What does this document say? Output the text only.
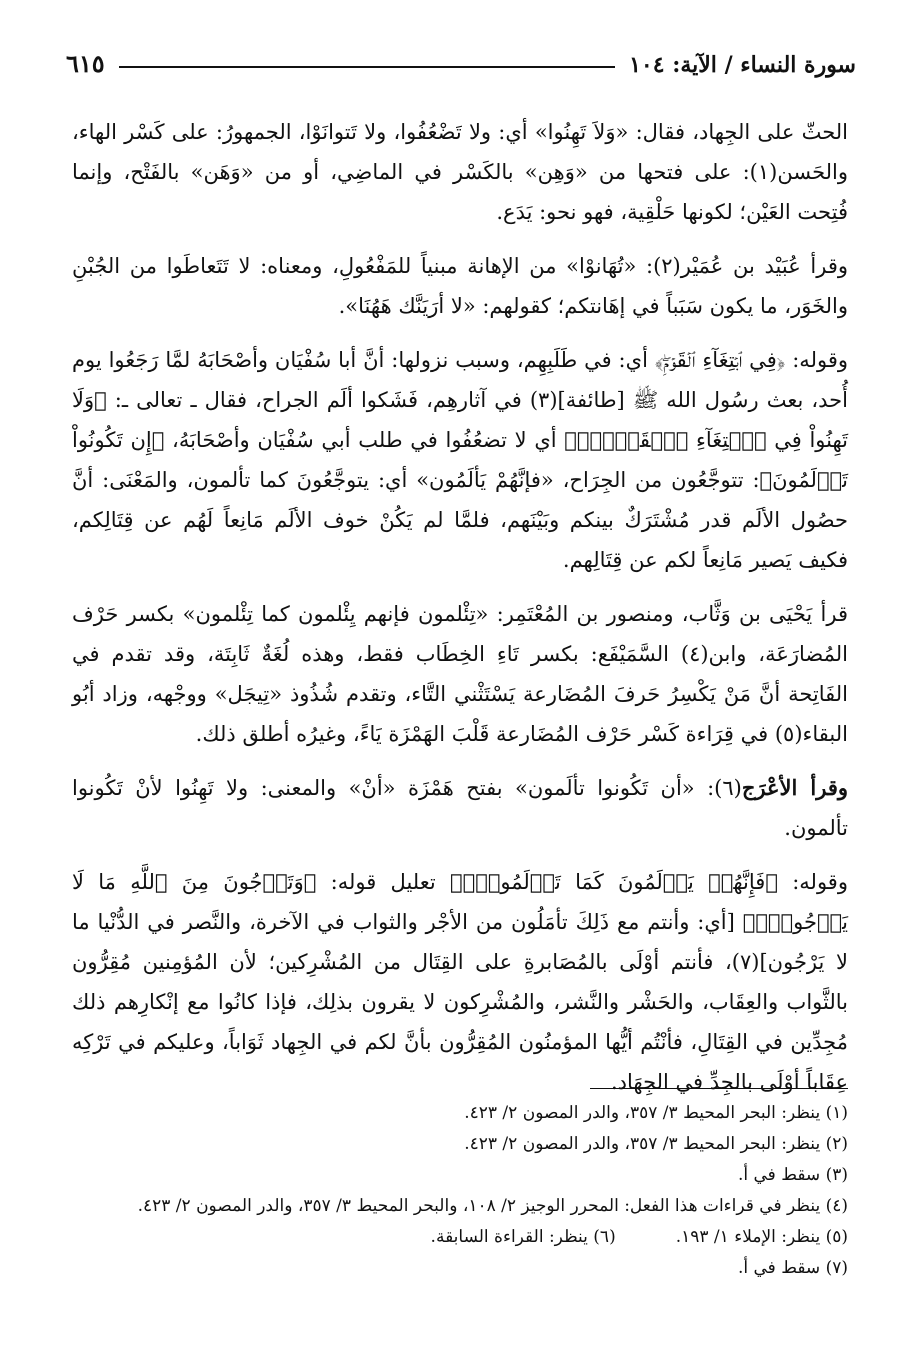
سورة النساء / الآية: ١٠٤
٦١٥

الحثّ على الجِهاد، فقال: «وَلاَ تَهِنُوا» أي: ولا تَضْعُفُوا، ولا تَتوانَوْا، الجمهورُ: على كَسْر الهاء، والحَسن(١): على فتحها من «وَهِن» بالكَسْر في الماضِي، أو من «وَهَن» بالفَتْح، وإنما فُتِحت العَيْن؛ لكونها حَلْقِية، فهو نحو: يَدَع.

وقرأ عُبَيْد بن عُمَيْر(٢): «تُهَانوْا» من الإهانة مبنياً للمَفْعُولِ، ومعناه: لا تَتَعاطَوا من الجُبْنِ والخَوَر، ما يكون سَبَباً في إهَانتكم؛ كقولهم: «لا أرَيَنَّك هَهُنَا».

وقوله: ﴿فِي ٱبۡتِغَآءِ ٱلۡقَوۡمِۖ﴾ أي: في طَلَبِهِم، وسبب نزولها: أنَّ أبا سُفْيَان وأصْحَابَهُ لمَّا رَجَعُوا يوم أُحد، بعث رسُول الله ﷺ [طائفة](٣) في آثارهِم، فَشَكوا ألَم الجراح، فقال ـ تعالى ـ: ﴿وَلَا تَهِنُواْ فِي ٱبۡتِغَآءِ ٱلۡقَوۡمِۖ﴾ أي لا تضعُفُوا في طلب أبي سُفْيَان وأصْحَابَهُ، ﴿إِن تَكُونُواْ تَأۡلَمُونَ﴾: تتوجَّعُون من الجِرَاح، «فإنَّهُمْ يَألَمُون» أي: يتوجَّعُونَ كما تألمون، والمَعْنَى: أنَّ حصُول الألَم قدر مُشْتَرَكٌ بينكم وبَيْنَهم، فلمَّا لم يَكُنْ خوف الألَم مَانِعاً لَهُم عن قِتَالِكم، فكيف يَصير مَانِعاً لكم عن قِتَالِهم.

قرأ يَحْيَى بن وَثَّاب، ومنصور بن المُعْتَمِر: «تِئْلمون فإنهم يِئْلمون كما تِئْلمون» بكسر حَرْف المُضارَعَة، وابن(٤) السَّمَيْفَع: بكسر تَاءِ الخِطَاب فقط، وهذه لُغَةٌ ثَابِتَة، وقد تقدم في الفَاتِحة أنَّ مَنْ يَكْسِرُ حَرفَ المُضَارعة يَسْتَثْني التَّاء، وتقدم شُذُوذ «تِيجَل» ووجْهه، وزاد أبُو البقاء(٥) في قِرَاءة كَسْر حَرْف المُضَارعة قَلْبَ الهَمْزَة يَاءً، وغيرُه أطلق ذلك.

وقرأ الأعْرَج(٦): «أن تَكُونوا تألَمون» بفتح هَمْزَة «أنْ» والمعنى: ولا تَهِنُوا لأنْ تَكُونوا تألمون.

وقوله: ﴿فَإِنَّهُمۡ يَأۡلَمُونَ كَمَا تَأۡلَمُونَۖ﴾ تعليل قوله: ﴿وَتَرۡجُونَ مِنَ ٱللَّهِ مَا لَا يَرۡجُونَۗ﴾ [أي: وأنتم مع ذَلِكَ تأمَلُون من الأجْر والثواب في الآخرة، والنَّصر في الدُّنْيا ما لا يَرْجُون](٧)، فأنتم أوْلَى بالمُصَابرةِ على القِتَال من المُشْرِكين؛ لأن المُؤمِنين مُقِرُّون بالثَّواب والعِقَاب، والحَشْر والنَّشر، والمُشْرِكون لا يقرون بذلِك، فإذا كانُوا مع إنْكارِهم ذلك مُجِدِّين في القِتَالِ، فأنْتُم أيُّها المؤمنُون المُقِرُّون بأنَّ لكم في الجِهاد ثَوَاباً، وعليكم في تَرْكِه عِقَاباً أوْلَى بالجِدِّ في الجِهَاد.

(١) ينظر: البحر المحيط ٣/ ٣٥٧، والدر المصون ٢/ ٤٢٣.
(٢) ينظر: البحر المحيط ٣/ ٣٥٧، والدر المصون ٢/ ٤٢٣.
(٣) سقط في أ.
(٤) ينظر في قراءات هذا الفعل: المحرر الوجيز ٢/ ١٠٨، والبحر المحيط ٣/ ٣٥٧، والدر المصون ٢/ ٤٢٣.
(٥) ينظر: الإملاء ١/ ١٩٣.
(٦) ينظر: القراءة السابقة.
(٧) سقط في أ.
